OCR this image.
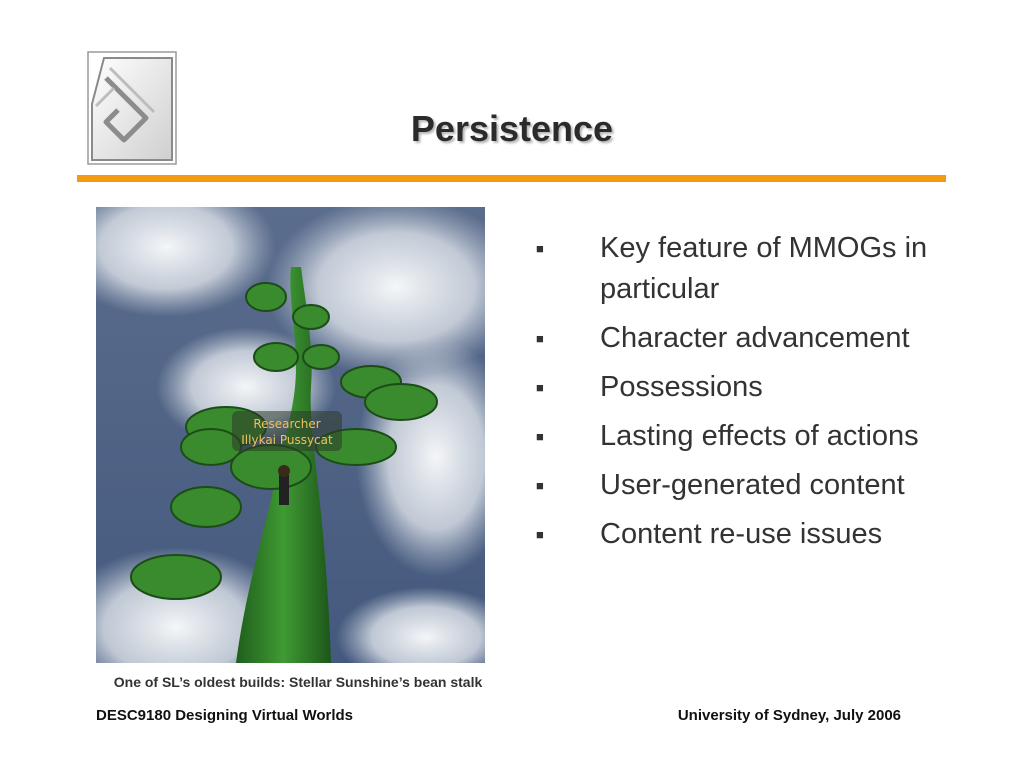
Persistence
Researcher
Illykai Pussycat
One of SL’s oldest builds: Stellar Sunshine’s bean stalk
■ Key feature of MMOGs in particular
■ Character advancement
■ Possessions
■ Lasting effects of actions
■ User-generated content
■ Content re-use issues
DESC9180 Designing Virtual Worlds	University of Sydney, July 2006
